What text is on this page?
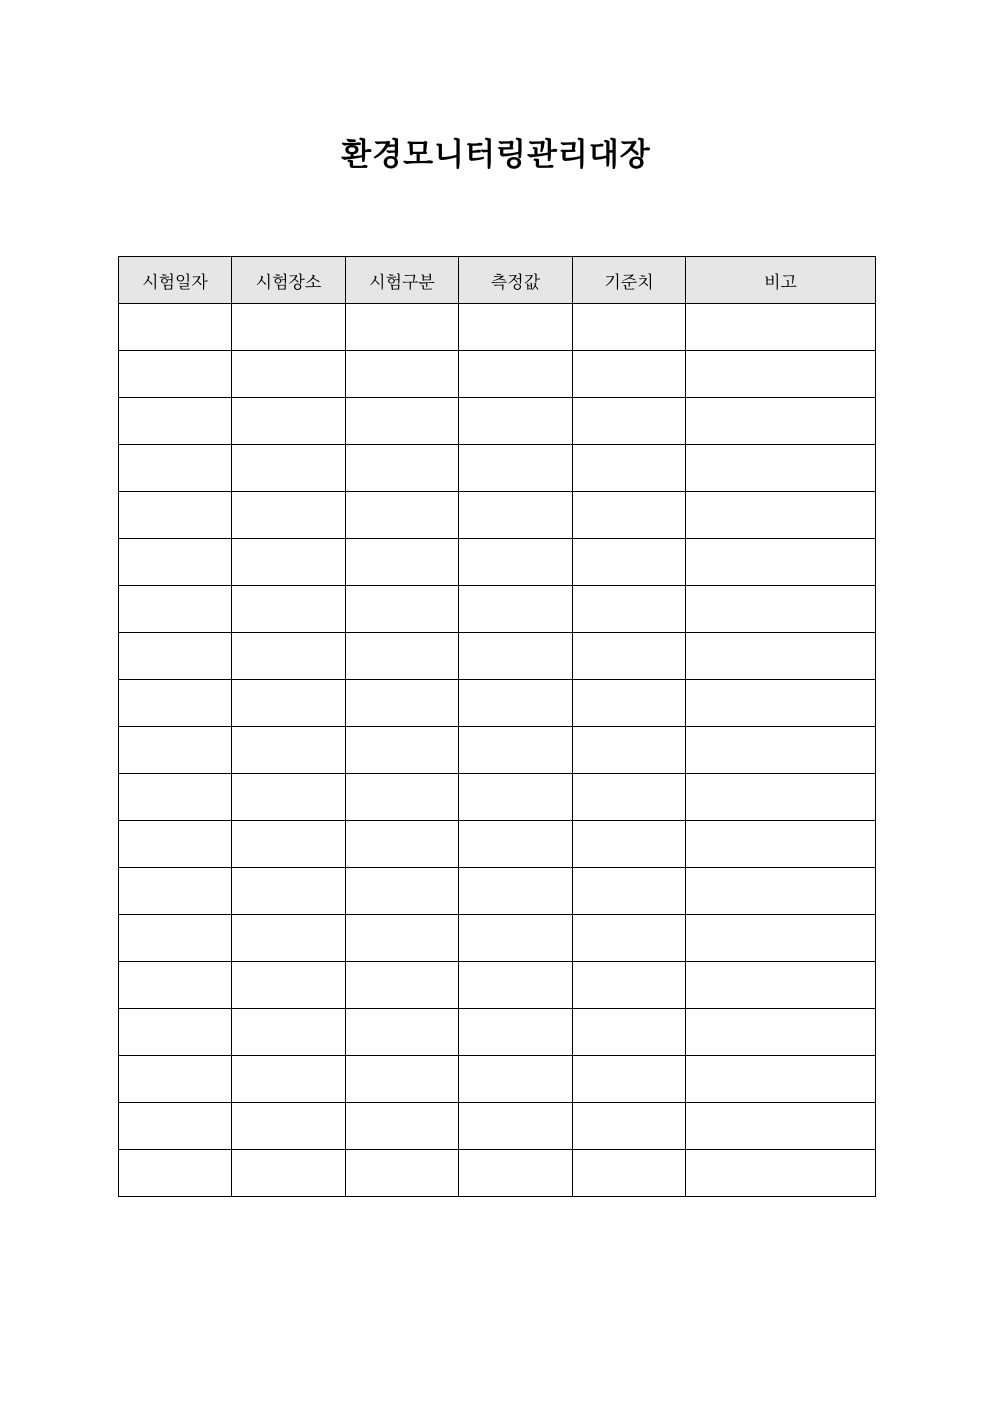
환경모니터링관리대장
시험일자	시험장소	시험구분	측정값	기준치	비고
